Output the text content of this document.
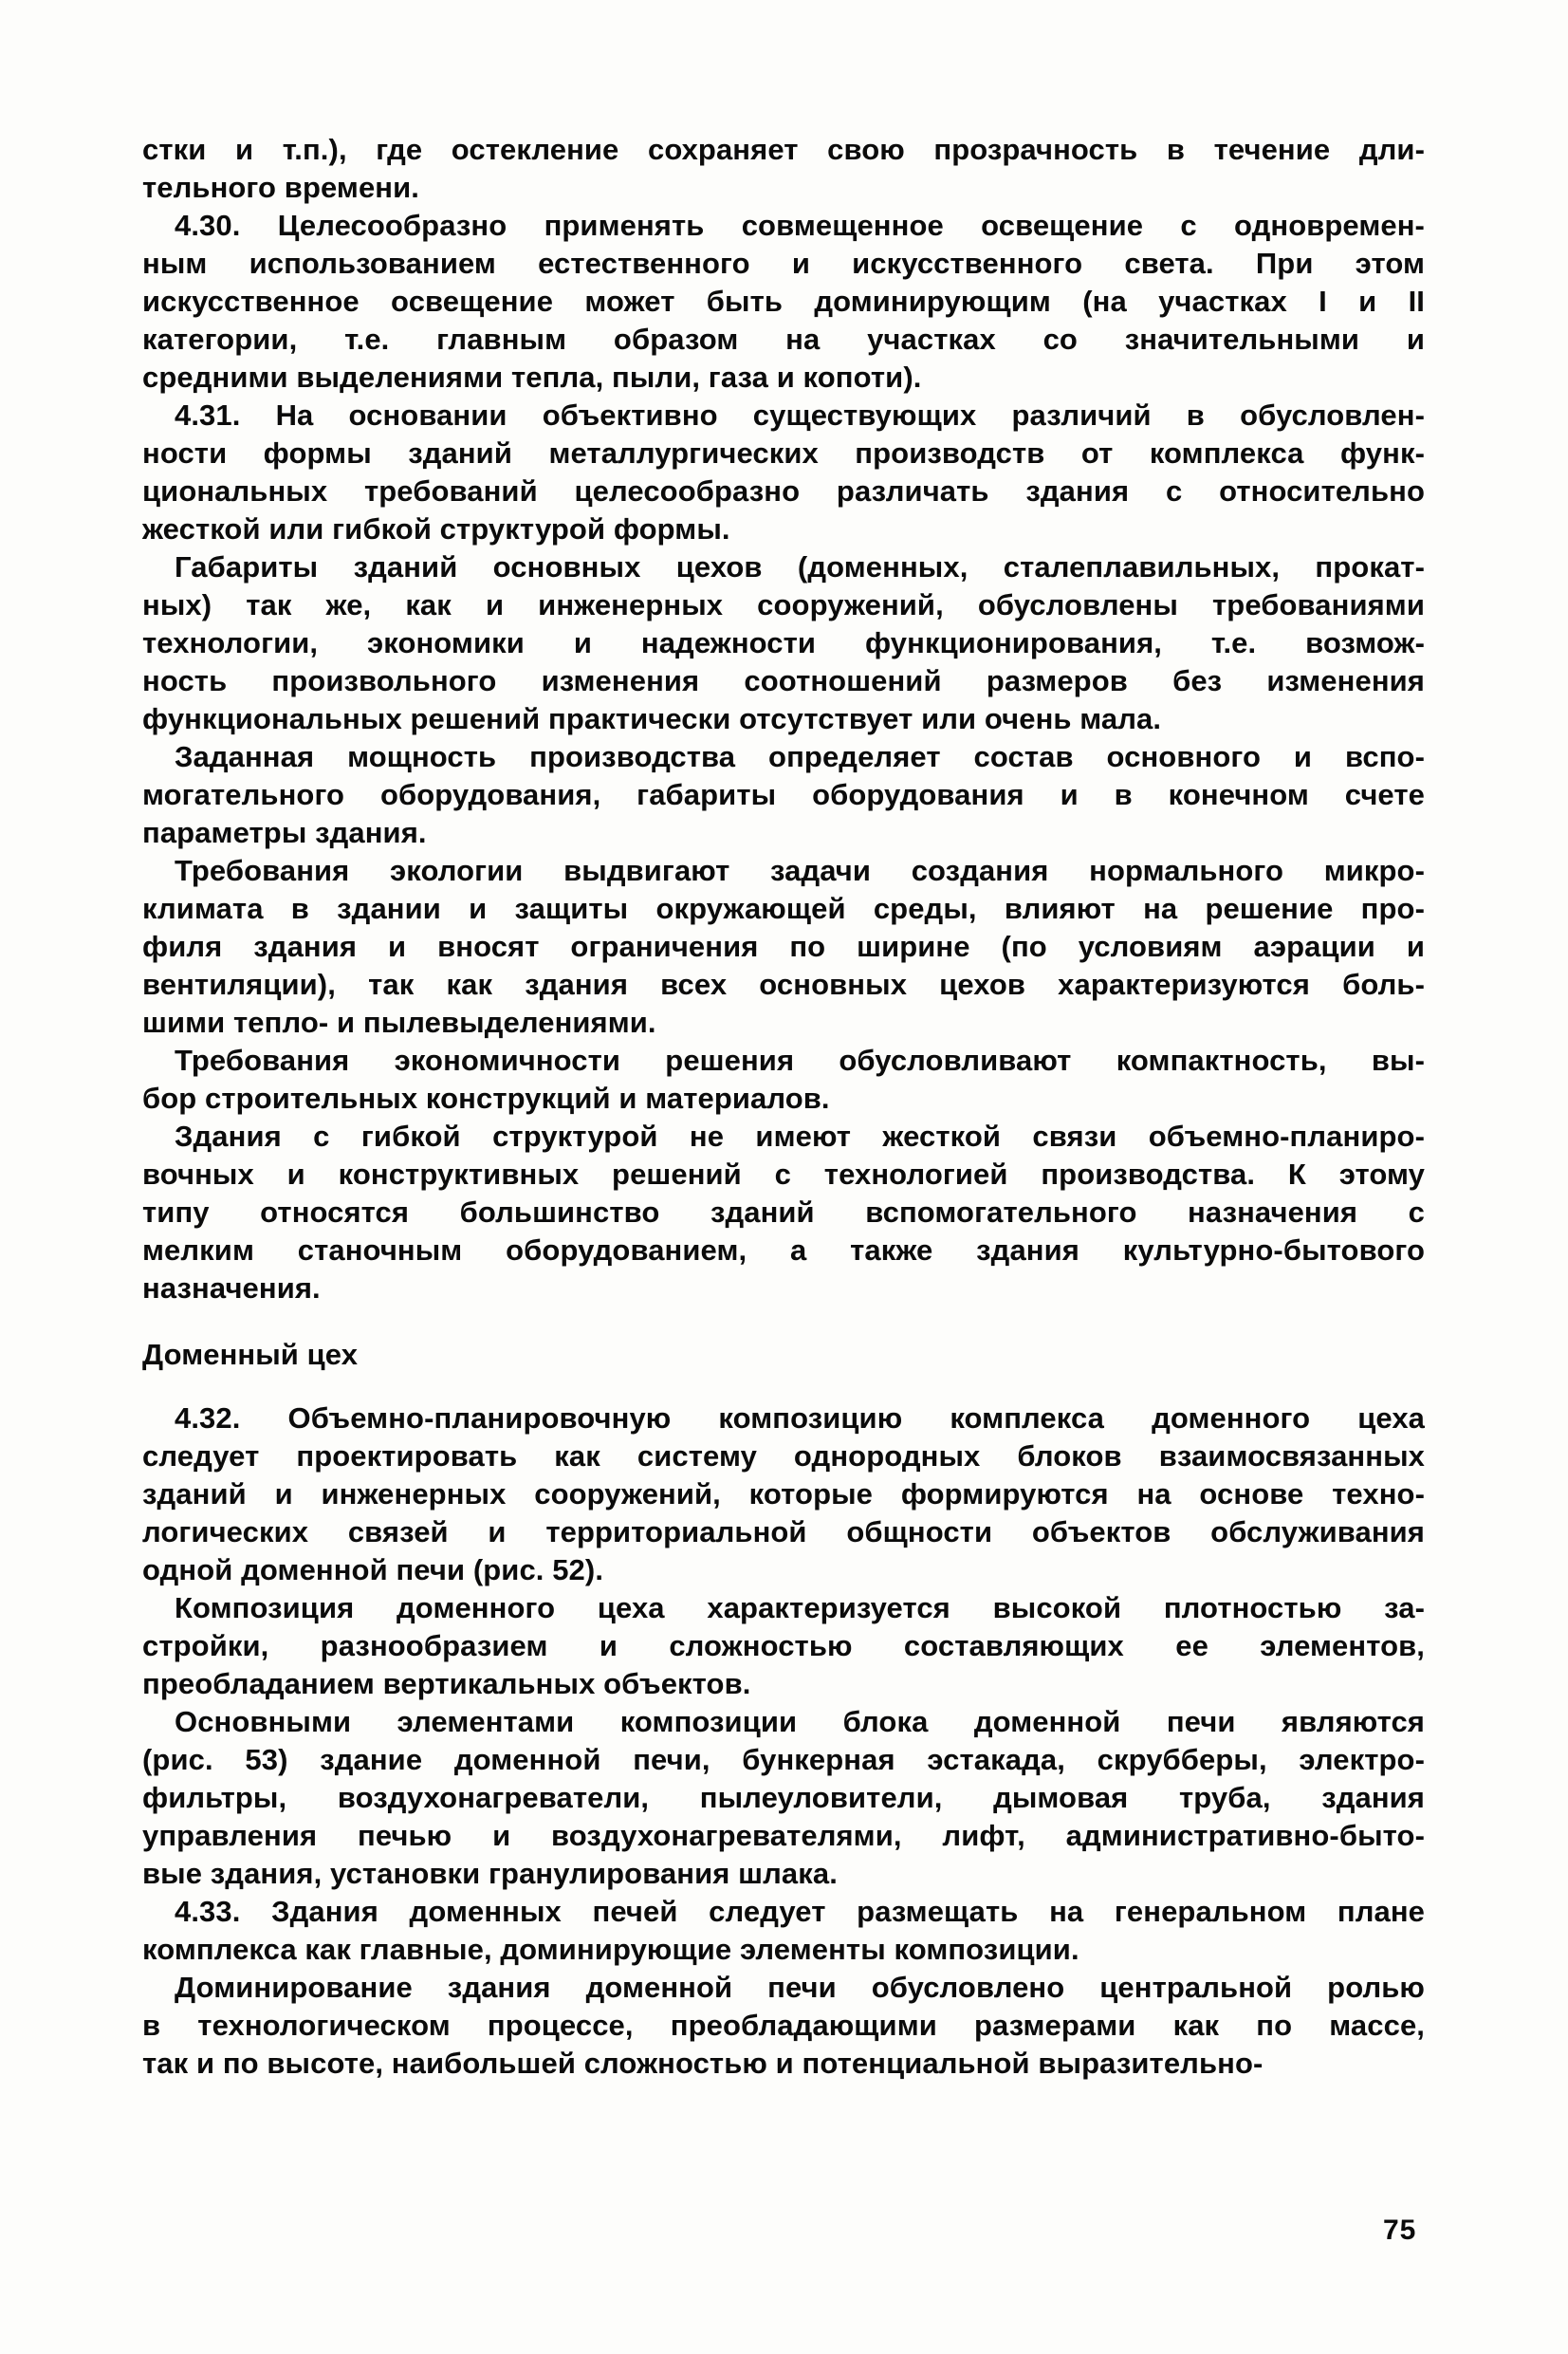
стки и т.п.), где остекление сохраняет свою прозрачность в течение дли-
тельного времени.

4.30. Целесообразно применять совмещенное освещение с одновремен-
ным использованием естественного и искусственного света. При этом
искусственное освещение может быть доминирующим (на участках I и II
категории, т.е. главным образом на участках со значительными и
средними выделениями тепла, пыли, газа и копоти).

4.31. На основании объективно существующих различий в обусловлен-
ности формы зданий металлургических производств от комплекса функ-
циональных требований целесообразно различать здания с относительно
жесткой или гибкой структурой формы.

Габариты зданий основных цехов (доменных, сталеплавильных, прокат-
ных) так же, как и инженерных сооружений, обусловлены требованиями
технологии, экономики и надежности функционирования, т.е. возмож-
ность произвольного изменения соотношений размеров без изменения
функциональных решений практически отсутствует или очень мала.

Заданная мощность производства определяет состав основного и вспо-
могательного оборудования, габариты оборудования и в конечном счете
параметры здания.

Требования экологии выдвигают задачи создания нормального микро-
климата в здании и защиты окружающей среды, влияют на решение про-
филя здания и вносят ограничения по ширине (по условиям аэрации и
вентиляции), так как здания всех основных цехов характеризуются боль-
шими тепло- и пылевыделениями.

Требования экономичности решения обусловливают компактность, вы-
бор строительных конструкций и материалов.

Здания с гибкой структурой не имеют жесткой связи объемно-планиро-
вочных и конструктивных решений с технологией производства. К этому
типу относятся большинство зданий вспомогательного назначения с
мелким станочным оборудованием, а также здания культурно-бытового
назначения.

Доменный цех

4.32. Объемно-планировочную композицию комплекса доменного цеха
следует проектировать как систему однородных блоков взаимосвязанных
зданий и инженерных сооружений, которые формируются на основе техно-
логических связей и территориальной общности объектов обслуживания
одной доменной печи (рис. 52).

Композиция доменного цеха характеризуется высокой плотностью за-
стройки, разнообразием и сложностью составляющих ее элементов,
преобладанием вертикальных объектов.

Основными элементами композиции блока доменной печи являются
(рис. 53) здание доменной печи, бункерная эстакада, скрубберы, электро-
фильтры, воздухонагреватели, пылеуловители, дымовая труба, здания
управления печью и воздухонагревателями, лифт, административно-быто-
вые здания, установки гранулирования шлака.

4.33. Здания доменных печей следует размещать на генеральном плане
комплекса как главные, доминирующие элементы композиции.

Доминирование здания доменной печи обусловлено центральной ролью
в технологическом процессе, преобладающими размерами как по массе,
так и по высоте, наибольшей сложностью и потенциальной выразительно-

75
